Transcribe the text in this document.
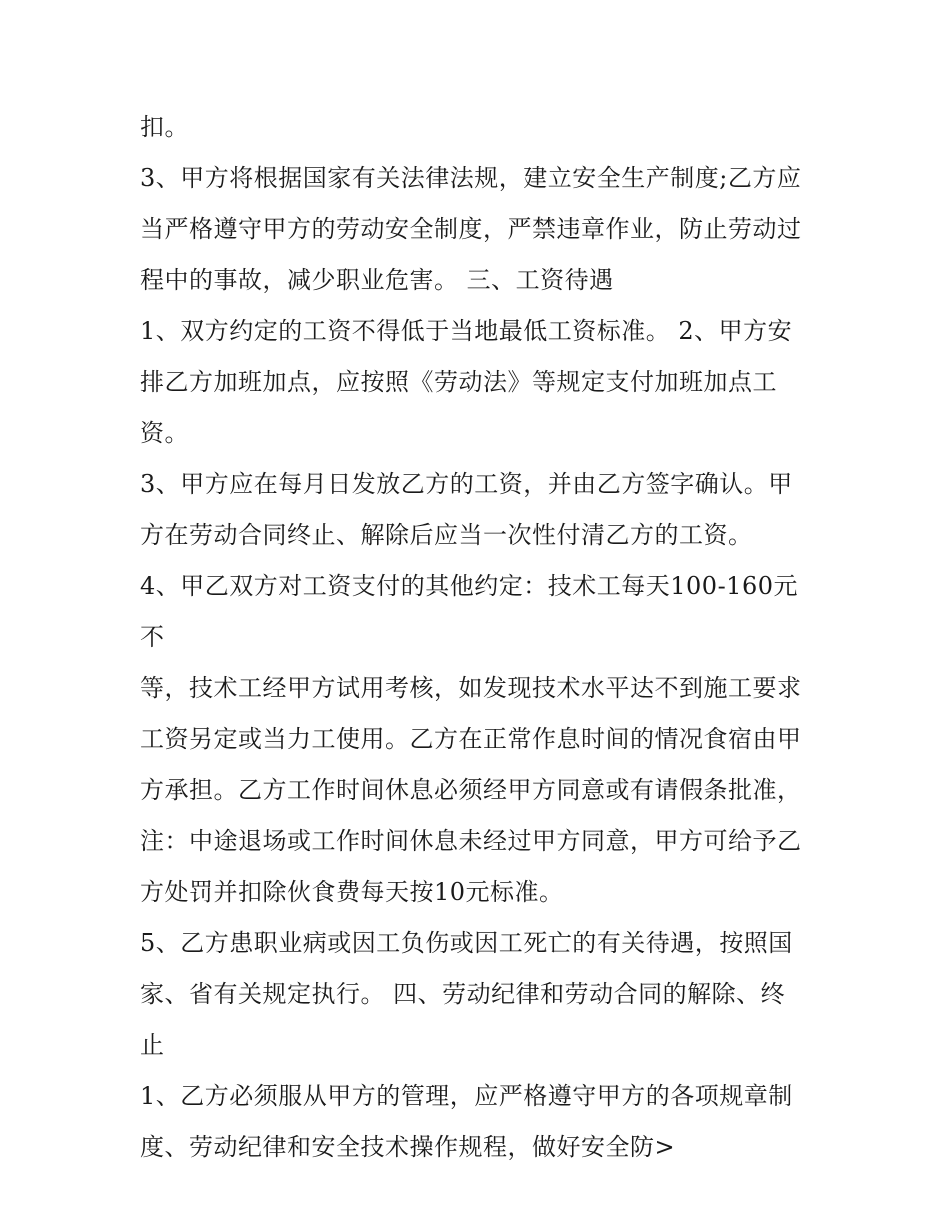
扣。

3、甲方将根据国家有关法律法规，建立安全生产制度;乙方应
当严格遵守甲方的劳动安全制度，严禁违章作业，防止劳动过
程中的事故，减少职业危害。 三、工资待遇

1、双方约定的工资不得低于当地最低工资标准。 2、甲方安
排乙方加班加点，应按照《劳动法》等规定支付加班加点工
资。

3、甲方应在每月日发放乙方的工资，并由乙方签字确认。甲
方在劳动合同终止、解除后应当一次性付清乙方的工资。

4、甲乙双方对工资支付的其他约定：技术工每天100-160元不
等，技术工经甲方试用考核，如发现技术水平达不到施工要求
工资另定或当力工使用。乙方在正常作息时间的情况食宿由甲
方承担。乙方工作时间休息必须经甲方同意或有请假条批准，
注：中途退场或工作时间休息未经过甲方同意，甲方可给予乙
方处罚并扣除伙食费每天按10元标准。

5、乙方患职业病或因工负伤或因工死亡的有关待遇，按照国
家、省有关规定执行。 四、劳动纪律和劳动合同的解除、终
止

1、乙方必须服从甲方的管理，应严格遵守甲方的各项规章制
度、劳动纪律和安全技术操作规程，做好安全防>
